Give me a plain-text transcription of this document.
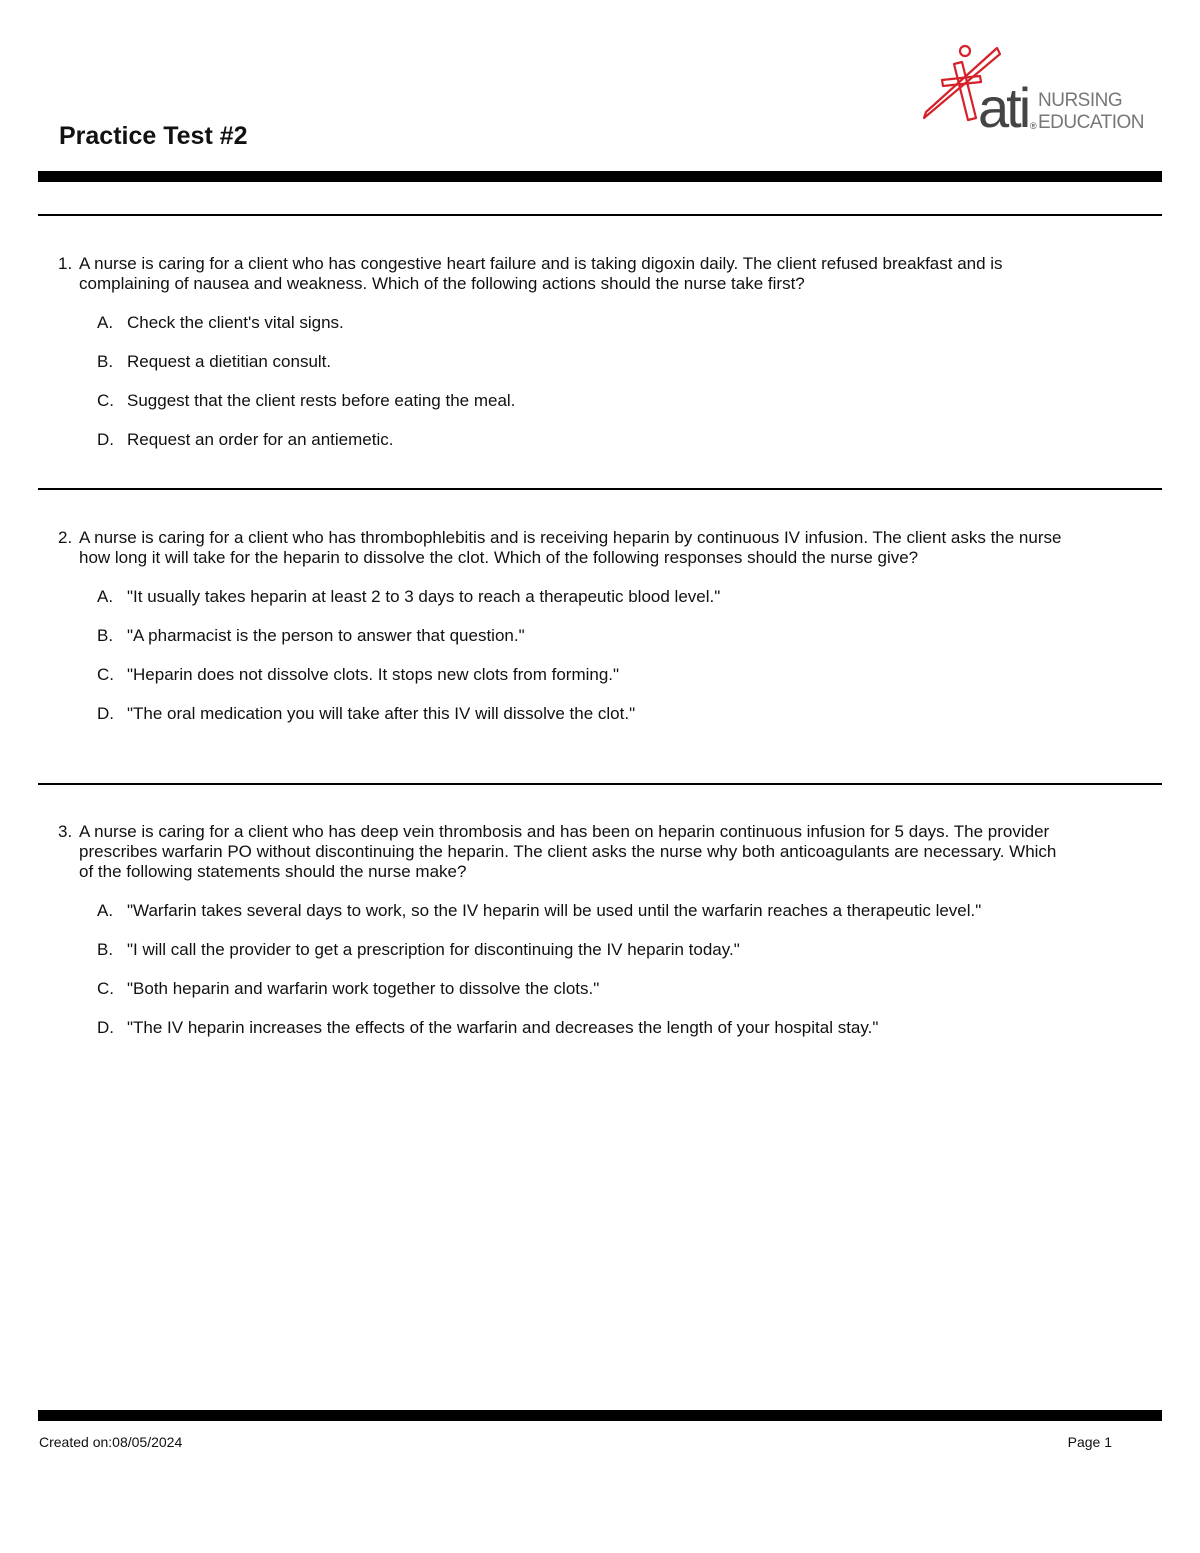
Practice Test #2	ati ®
NURSING
EDUCATION
1. A nurse is caring for a client who has congestive heart failure and is taking digoxin daily. The client refused breakfast and is complaining of nausea and weakness. Which of the following actions should the nurse take first?
A. Check the client's vital signs.
B. Request a dietitian consult.
C. Suggest that the client rests before eating the meal.
D. Request an order for an antiemetic.
2. A nurse is caring for a client who has thrombophlebitis and is receiving heparin by continuous IV infusion. The client asks the nurse how long it will take for the heparin to dissolve the clot. Which of the following responses should the nurse give?
A. "It usually takes heparin at least 2 to 3 days to reach a therapeutic blood level."
B. "A pharmacist is the person to answer that question."
C. "Heparin does not dissolve clots. It stops new clots from forming."
D. "The oral medication you will take after this IV will dissolve the clot."
3. A nurse is caring for a client who has deep vein thrombosis and has been on heparin continuous infusion for 5 days. The provider prescribes warfarin PO without discontinuing the heparin. The client asks the nurse why both anticoagulants are necessary. Which of the following statements should the nurse make?
A. "Warfarin takes several days to work, so the IV heparin will be used until the warfarin reaches a therapeutic level."
B. "I will call the provider to get a prescription for discontinuing the IV heparin today."
C. "Both heparin and warfarin work together to dissolve the clots."
D. "The IV heparin increases the effects of the warfarin and decreases the length of your hospital stay."
Created on:08/05/2024	Page 1
